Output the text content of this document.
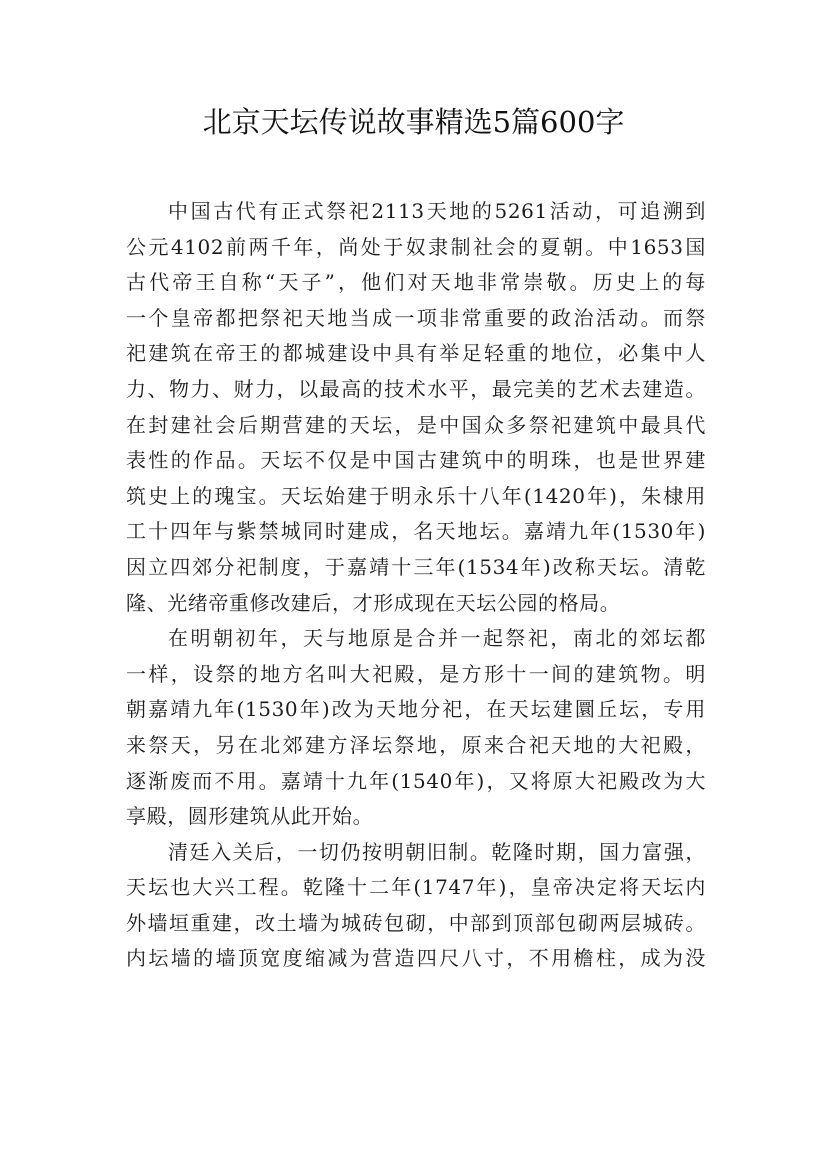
北京天坛传说故事精选5篇600字
中国古代有正式祭祀2113天地的5261活动，可追溯到
公元4102前两千年，尚处于奴隶制社会的夏朝。中1653国
古代帝王自称“天子”，他们对天地非常崇敬。历史上的每
一个皇帝都把祭祀天地当成一项非常重要的政治活动。而祭
祀建筑在帝王的都城建设中具有举足轻重的地位，必集中人
力、物力、财力，以最高的技术水平，最完美的艺术去建造。
在封建社会后期营建的天坛，是中国众多祭祀建筑中最具代
表性的作品。天坛不仅是中国古建筑中的明珠，也是世界建
筑史上的瑰宝。天坛始建于明永乐十八年(1420年)，朱棣用
工十四年与紫禁城同时建成，名天地坛。嘉靖九年(1530年)
因立四郊分祀制度，于嘉靖十三年(1534年)改称天坛。清乾
隆、光绪帝重修改建后，才形成现在天坛公园的格局。
在明朝初年，天与地原是合并一起祭祀，南北的郊坛都
一样，设祭的地方名叫大祀殿，是方形十一间的建筑物。明
朝嘉靖九年(1530年)改为天地分祀，在天坛建圜丘坛，专用
来祭天，另在北郊建方泽坛祭地，原来合祀天地的大祀殿，
逐渐废而不用。嘉靖十九年(1540年)，又将原大祀殿改为大
享殿，圆形建筑从此开始。
清廷入关后，一切仍按明朝旧制。乾隆时期，国力富强，
天坛也大兴工程。乾隆十二年(1747年)，皇帝决定将天坛内
外墙垣重建，改土墙为城砖包砌，中部到顶部包砌两层城砖。
内坛墙的墙顶宽度缩减为营造四尺八寸，不用檐柱，成为没
